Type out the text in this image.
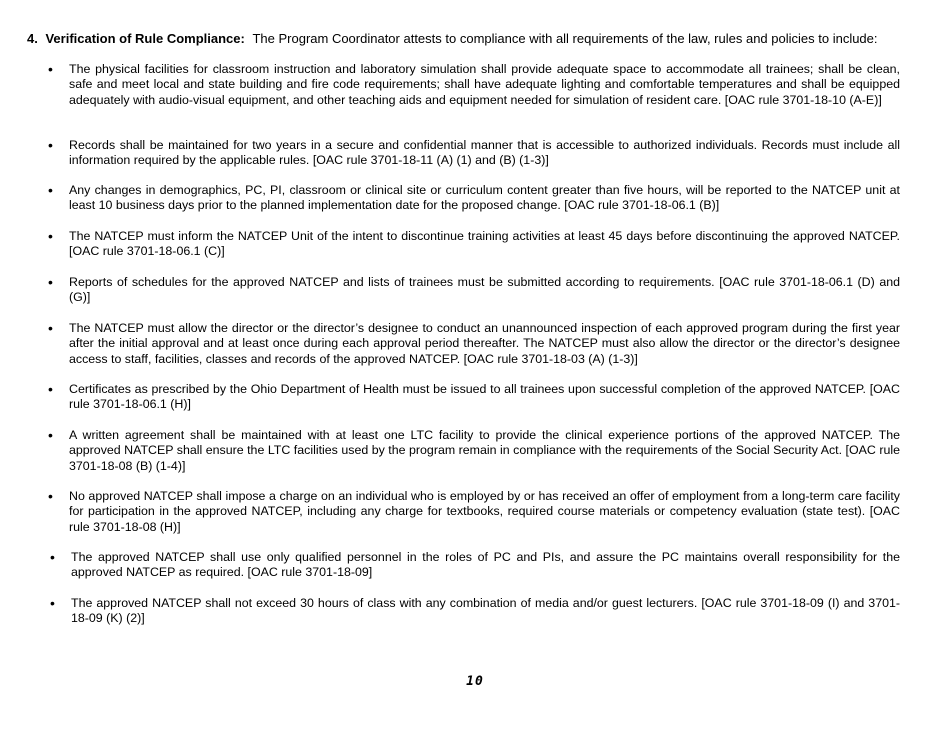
4. Verification of Rule Compliance: The Program Coordinator attests to compliance with all requirements of the law, rules and policies to include:
• The physical facilities for classroom instruction and laboratory simulation shall provide adequate space to accommodate all trainees; shall be clean, safe and meet local and state building and fire code requirements; shall have adequate lighting and comfortable temperatures and shall be equipped adequately with audio-visual equipment, and other teaching aids and equipment needed for simulation of resident care. [OAC rule 3701-18-10 (A-E)]
• Records shall be maintained for two years in a secure and confidential manner that is accessible to authorized individuals. Records must include all information required by the applicable rules. [OAC rule 3701-18-11 (A) (1) and (B) (1-3)]
• Any changes in demographics, PC, PI, classroom or clinical site or curriculum content greater than five hours, will be reported to the NATCEP unit at least 10 business days prior to the planned implementation date for the proposed change. [OAC rule 3701-18-06.1 (B)]
• The NATCEP must inform the NATCEP Unit of the intent to discontinue training activities at least 45 days before discontinuing the approved NATCEP. [OAC rule 3701-18-06.1 (C)]
• Reports of schedules for the approved NATCEP and lists of trainees must be submitted according to requirements. [OAC rule 3701-18-06.1 (D) and (G)]
• The NATCEP must allow the director or the director’s designee to conduct an unannounced inspection of each approved program during the first year after the initial approval and at least once during each approval period thereafter. The NATCEP must also allow the director or the director’s designee access to staff, facilities, classes and records of the approved NATCEP. [OAC rule 3701-18-03 (A) (1-3)]
• Certificates as prescribed by the Ohio Department of Health must be issued to all trainees upon successful completion of the approved NATCEP. [OAC rule 3701-18-06.1 (H)]
• A written agreement shall be maintained with at least one LTC facility to provide the clinical experience portions of the approved NATCEP. The approved NATCEP shall ensure the LTC facilities used by the program remain in compliance with the requirements of the Social Security Act. [OAC rule 3701-18-08 (B) (1-4)]
• No approved NATCEP shall impose a charge on an individual who is employed by or has received an offer of employment from a long-term care facility for participation in the approved NATCEP, including any charge for textbooks, required course materials or competency evaluation (state test). [OAC rule 3701-18-08 (H)]
• The approved NATCEP shall use only qualified personnel in the roles of PC and PIs, and assure the PC maintains overall responsibility for the approved NATCEP as required. [OAC rule 3701-18-09]
• The approved NATCEP shall not exceed 30 hours of class with any combination of media and/or guest lecturers. [OAC rule 3701-18-09 (I) and 3701-18-09 (K) (2)]
10
